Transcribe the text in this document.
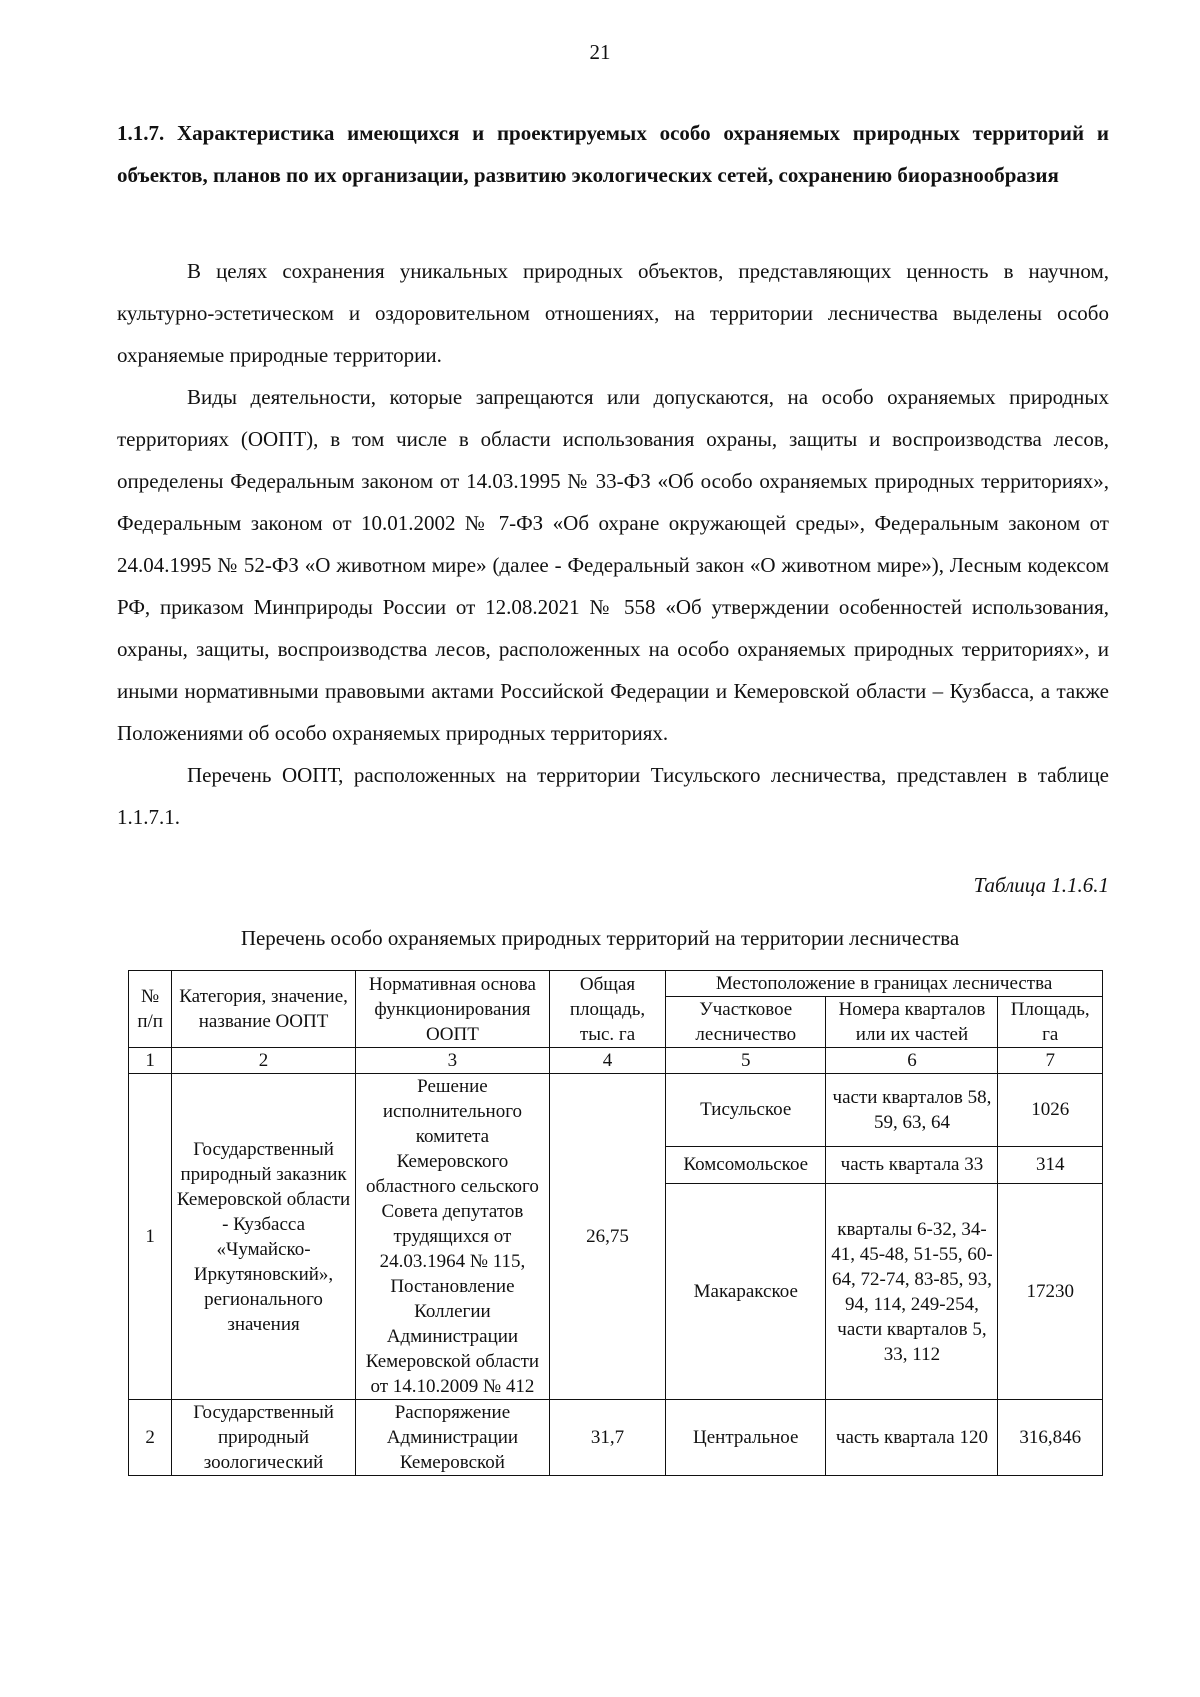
21
1.1.7. Характеристика имеющихся и проектируемых особо охраняемых природных территорий и объектов, планов по их организации, развитию экологических сетей, сохранению биоразнообразия

В целях сохранения уникальных природных объектов, представляющих ценность в научном, культурно-эстетическом и оздоровительном отношениях, на территории лесничества выделены особо охраняемые природные территории.

Виды деятельности, которые запрещаются или допускаются, на особо охраняемых природных территориях (ООПТ), в том числе в области использования охраны, защиты и воспроизводства лесов, определены Федеральным законом от 14.03.1995 № 33-ФЗ «Об особо охраняемых природных территориях», Федеральным законом от 10.01.2002 № 7-ФЗ «Об охране окружающей среды», Федеральным законом от 24.04.1995 № 52-ФЗ «О животном мире» (далее - Федеральный закон «О животном мире»), Лесным кодексом РФ, приказом Минприроды России от 12.08.2021 № 558 «Об утверждении особенностей использования, охраны, защиты, воспроизводства лесов, расположенных на особо охраняемых природных территориях», и иными нормативными правовыми актами Российской Федерации и Кемеровской области – Кузбасса, а также Положениями об особо охраняемых природных территориях.

Перечень ООПТ, расположенных на территории Тисульского лесничества, представлен в таблице 1.1.7.1.

Таблица 1.1.6.1
Перечень особо охраняемых природных территорий на территории лесничества
№ п/п	Категория, значение, название ООПТ	Нормативная основа функционирования ООПТ	Общая площадь, тыс. га	Местоположение в границах лесничества		
				Участковое лесничество	Номера кварталов или их частей	Площадь, га
1	2	3	4	5	6	7
1	Государственный природный заказник Кемеровской области - Кузбасса «Чумайско-Иркутяновский», регионального значения	Решение исполнительного комитета Кемеровского областного сельского Совета депутатов трудящихся от 24.03.1964 № 115, Постановление Коллегии Администрации Кемеровской области от 14.10.2009 № 412	26,75	Тисульское	части кварталов 58, 59, 63, 64	1026
				Комсомольское	часть квартала 33	314
				Макаракское	кварталы 6-32, 34-41, 45-48, 51-55, 60-64, 72-74, 83-85, 93, 94, 114, 249-254, части кварталов 5, 33, 112	17230
2	Государственный природный зоологический	Распоряжение Администрации Кемеровской	31,7	Центральное	часть квартала 120	316,846
